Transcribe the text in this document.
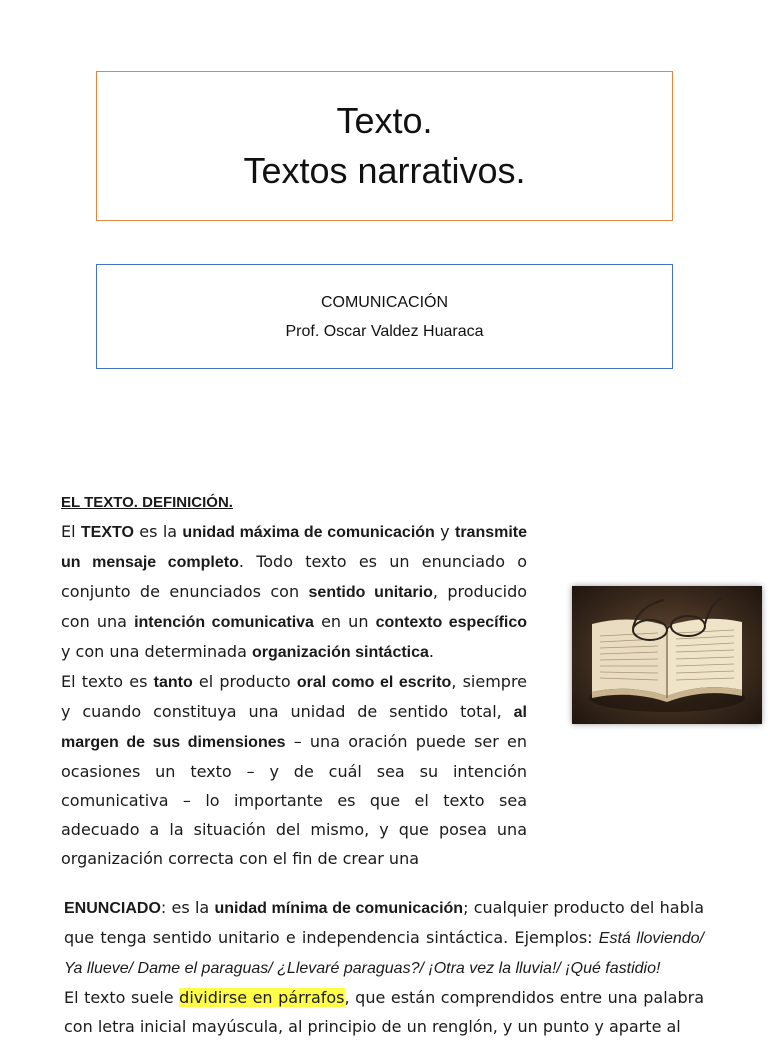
Texto.
Textos narrativos.
COMUNICACIÓN
Prof. Oscar Valdez Huaraca
EL TEXTO. DEFINICIÓN.

El TEXTO es la unidad máxima de comunicación y transmite un mensaje completo. Todo texto es un enunciado o conjunto de enunciados con sentido unitario, producido con una intención comunicativa en un contexto específico y con una determinada organización sintáctica.

El texto es tanto el producto oral como el escrito, siempre y cuando constituya una unidad de sentido total, al margen de sus dimensiones – una oración puede ser en ocasiones un texto – y de cuál sea su intención comunicativa – lo importante es que el texto sea adecuado a la situación del mismo, y que posea una organización correcta con el fin de crear una

ENUNCIADO: es la unidad mínima de comunicación; cualquier producto del habla que tenga sentido unitario e independencia sintáctica. Ejemplos: Está lloviendo/ Ya llueve/ Dame el paraguas/ ¿Llevaré paraguas?/ ¡Otra vez la lluvia!/ ¡Qué fastidio!

El texto suele dividirse en párrafos, que están comprendidos entre una palabra con letra inicial mayúscula, al principio de un renglón, y un punto y aparte al
